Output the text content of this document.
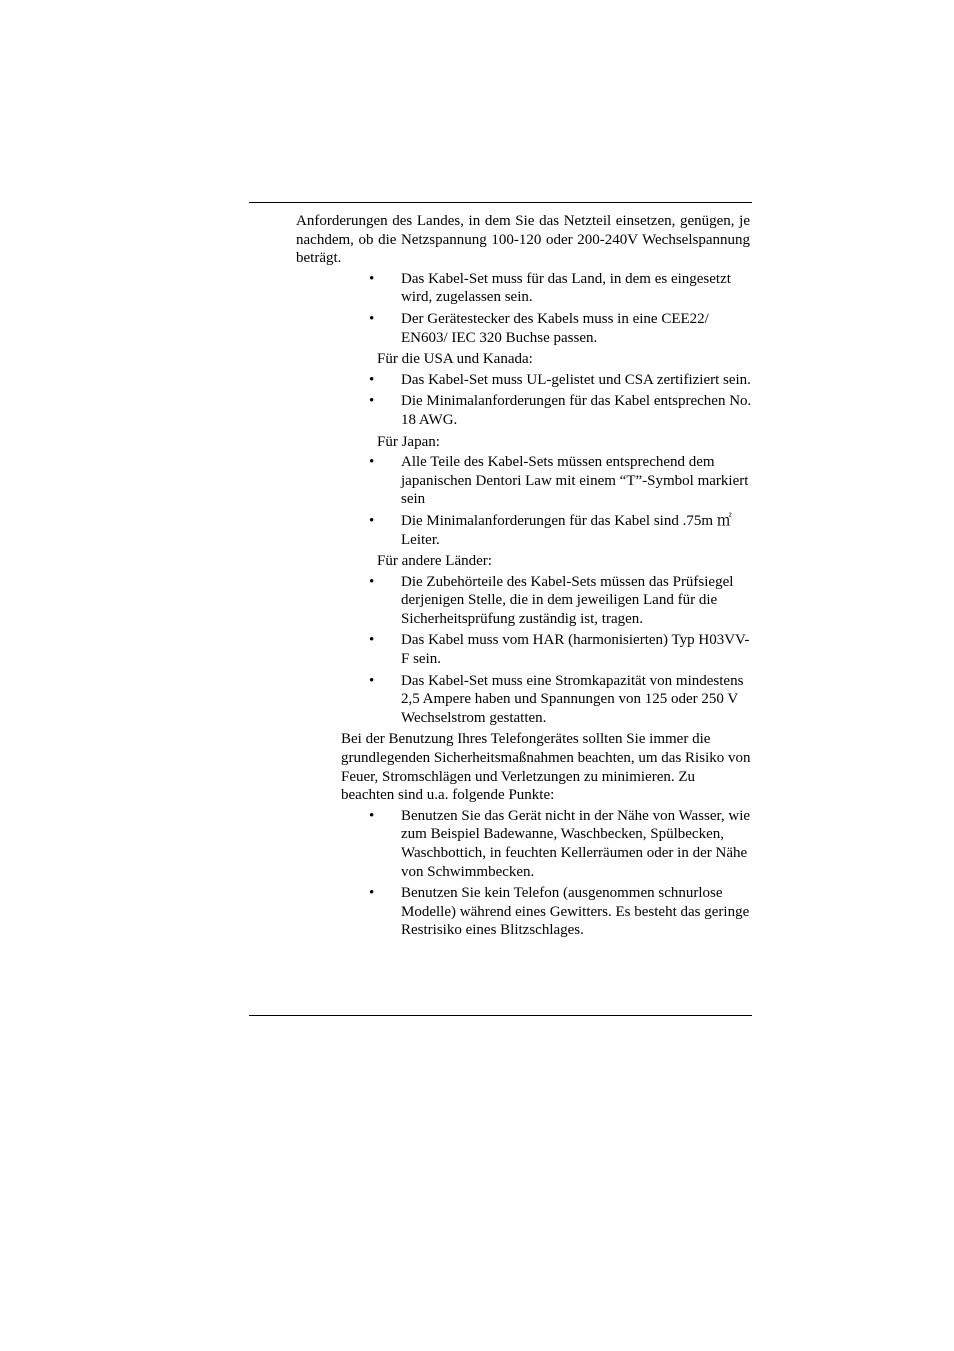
Anforderungen des Landes, in dem Sie das Netzteil einsetzen, genügen, je nachdem, ob die Netzspannung 100-120 oder 200-240V Wechselspannung beträgt.

• Das Kabel-Set muss für das Land, in dem es eingesetzt wird, zugelassen sein.
• Der Gerätestecker des Kabels muss in eine CEE22/ EN603/ IEC 320 Buchse passen.

Für die USA und Kanada:

• Das Kabel-Set muss UL-gelistet und CSA zertifiziert sein.
• Die Minimalanforderungen für das Kabel entsprechen No. 18 AWG.

Für Japan:

• Alle Teile des Kabel-Sets müssen entsprechend dem japanischen Dentori Law mit einem “T”-Symbol markiert sein
• Die Minimalanforderungen für das Kabel sind .75m ㎡ Leiter.

Für andere Länder:

• Die Zubehörteile des Kabel-Sets müssen das Prüfsiegel derjenigen Stelle, die in dem jeweiligen Land für die Sicherheitsprüfung zuständig ist, tragen.
• Das Kabel muss vom HAR (harmonisierten) Typ H03VV-F sein.
• Das Kabel-Set muss eine Stromkapazität von mindestens 2,5 Ampere haben und Spannungen von 125 oder 250 V Wechselstrom gestatten.

Bei der Benutzung Ihres Telefongerätes sollten Sie immer die grundlegenden Sicherheitsmaßnahmen beachten, um das Risiko von Feuer, Stromschlägen und Verletzungen zu minimieren. Zu beachten sind u.a. folgende Punkte:

• Benutzen Sie das Gerät nicht in der Nähe von Wasser, wie zum Beispiel Badewanne, Waschbecken, Spülbecken, Waschbottich, in feuchten Kellerräumen oder in der Nähe von Schwimmbecken.
• Benutzen Sie kein Telefon (ausgenommen schnurlose Modelle) während eines Gewitters. Es besteht das geringe Restrisiko eines Blitzschlages.
